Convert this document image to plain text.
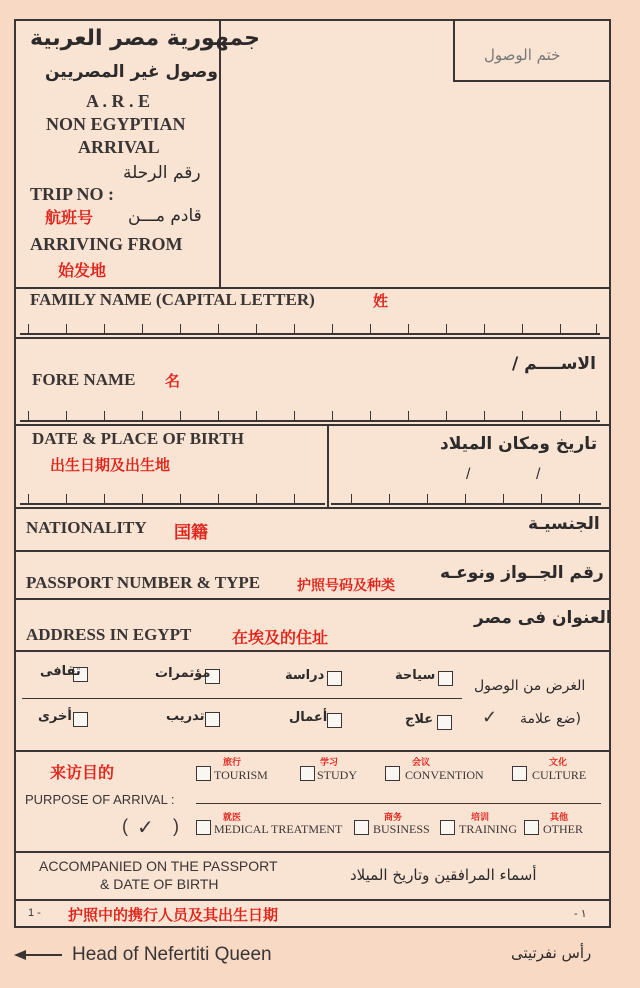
ختم الوصول
جمهورية مصر العربية
وصول غير المصريين
A . R . E
NON EGYPTIAN
ARRIVAL
رقم الرحلة
TRIP NO :
航班号 قادم مـــن
ARRIVING FROM
始发地
FAMILY NAME (CAPITAL LETTER)	姓
الاســــم /
FORE NAME 名
DATE & PLACE OF BIRTH
出生日期及出生地
تاريخ ومكان الميلاد
/	/
NATIONALITY 国籍	الجنسيـة
PASSPORT NUMBER & TYPE	护照号码及种类
رقم الجــواز ونوعـه
ADDRESS IN EGYPT	在埃及的住址
العنوان فى مصر
الغرض من الوصول
(ضع علامة
✓
سياحة
دراسة
مؤتمرات
ثقافى
علاج
أعمال
تدريب
أخرى
来访目的
PURPOSE OF ARRIVAL :
旅行
TOURISM
学习
STUDY
会议
CONVENTION
文化
CULTURE
( ✓ )	就医
MEDICAL TREATMENT
商务
BUSINESS
培训
TRAINING
其他
OTHER
ACCOMPANIED ON THE PASSPORT
& DATE OF BIRTH	أسماء المرافقين وتاريخ الميلاد
1 - 护照中的携行人员及其出生日期	- ١
Head of Nefertiti Queen	رأس نفرتيتى
